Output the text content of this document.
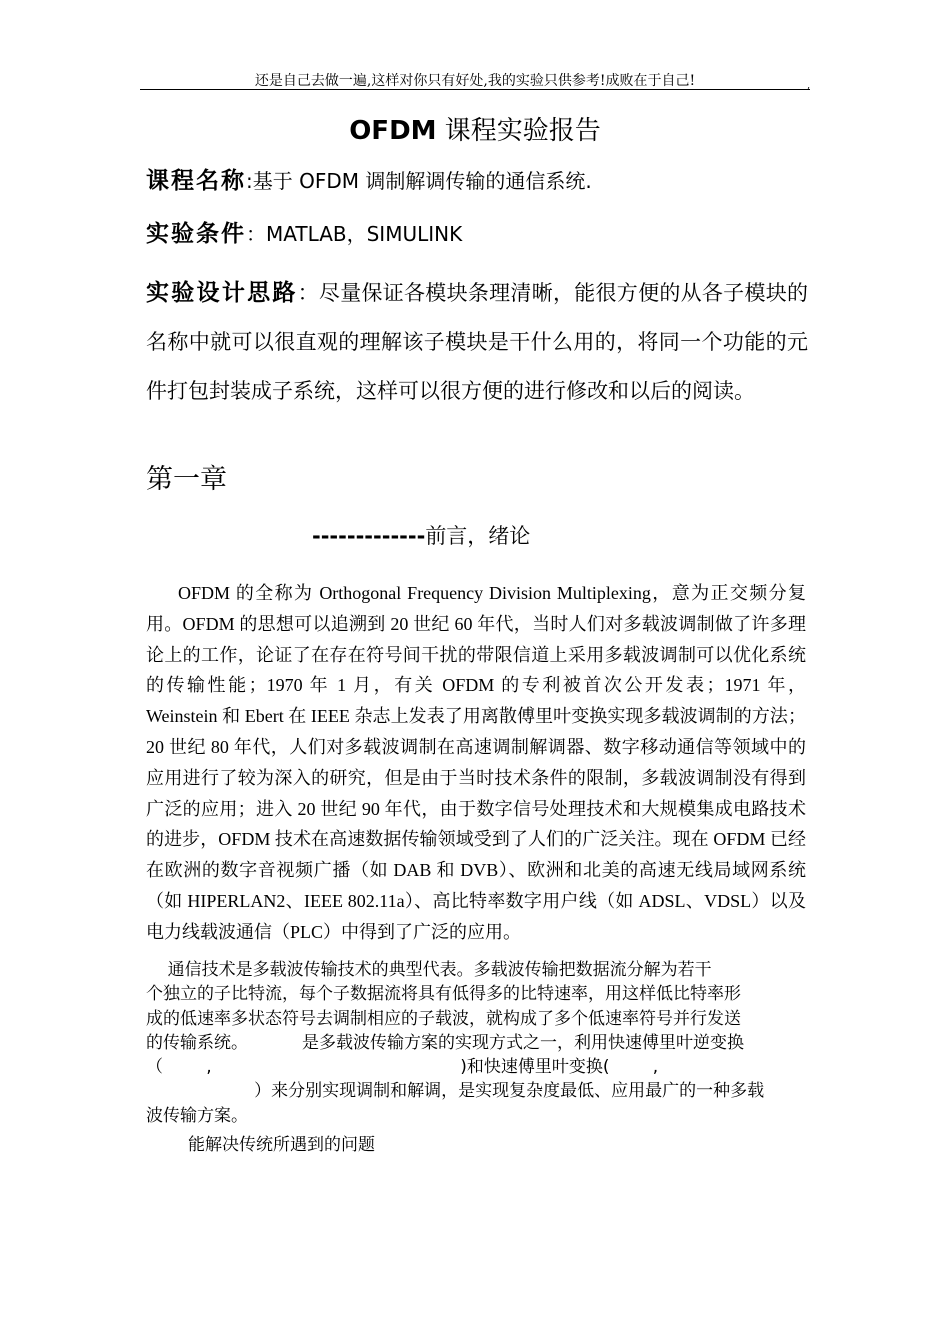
还是自己去做一遍,这样对你只有好处,我的实验只供参考!成败在于自己!	,
OFDM 课程实验报告
课程名称:基于 OFDM 调制解调传输的通信系统.
实验条件：MATLAB，SIMULINK
实验设计思路：尽量保证各模块条理清晰，能很方便的从各子模块的名称中就可以很直观的理解该子模块是干什么用的，将同一个功能的元件打包封装成子系统，这样可以很方便的进行修改和以后的阅读。
第一章
-------------前言，绪论
OFDM 的全称为 Orthogonal Frequency Division Multiplexing，意为正交频分复用。OFDM 的思想可以追溯到 20 世纪 60 年代，当时人们对多载波调制做了许多理论上的工作，论证了在存在符号间干扰的带限信道上采用多载波调制可以优化系统的传输性能；1970 年 1 月，有关 OFDM 的专利被首次公开发表；1971 年，Weinstein 和 Ebert 在 IEEE 杂志上发表了用离散傅里叶变换实现多载波调制的方法；20 世纪 80 年代，人们对多载波调制在高速调制解调器、数字移动通信等领域中的应用进行了较为深入的研究，但是由于当时技术条件的限制，多载波调制没有得到广泛的应用；进入 20 世纪 90 年代，由于数字信号处理技术和大规模集成电路技术的进步，OFDM 技术在高速数据传输领域受到了人们的广泛关注。现在 OFDM 已经在欧洲的数字音视频广播（如 DAB 和 DVB）、欧洲和北美的高速无线局域网系统（如 HIPERLAN2、IEEE 802.11a）、高比特率数字用户线（如 ADSL、VDSL）以及电力线载波通信（PLC）中得到了广泛的应用。
通信技术是多载波传输技术的典型代表。多载波传输把数据流分解为若干
个独立的子比特流，每个子数据流将具有低得多的比特速率，用这样低比特率形
成的低速率多状态符号去调制相应的子载波，就构成了多个低速率符号并行发送
的传输系统。          是多载波传输方案的实现方式之一，利用快速傅里叶逆变换
（        ,                                              )和快速傅里叶变换(        ,
）来分别实现调制和解调，是实现复杂度最低、应用最广的一种多载
波传输方案。
能解决传统所遇到的问题
